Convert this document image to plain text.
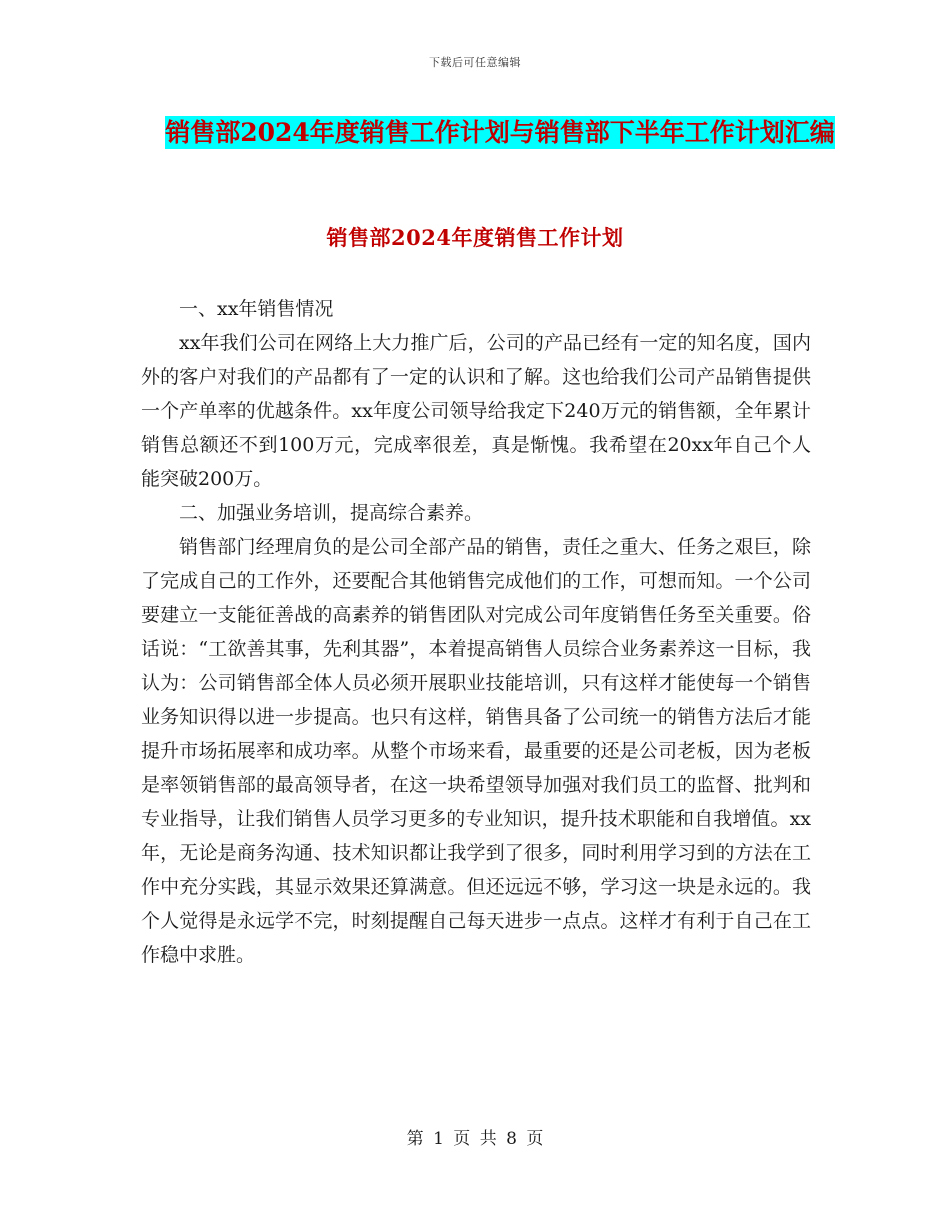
下载后可任意编辑
销售部2024年度销售工作计划与销售部下半年工作计划汇编
销售部2024年度销售工作计划

一、xx年销售情况

xx年我们公司在网络上大力推广后，公司的产品已经有一定的知名度，国内外的客户对我们的产品都有了一定的认识和了解。这也给我们公司产品销售提供一个产单率的优越条件。xx年度公司领导给我定下240万元的销售额，全年累计销售总额还不到100万元，完成率很差，真是惭愧。我希望在20xx年自己个人能突破200万。

二、加强业务培训，提高综合素养。

销售部门经理肩负的是公司全部产品的销售，责任之重大、任务之艰巨，除了完成自己的工作外，还要配合其他销售完成他们的工作，可想而知。一个公司要建立一支能征善战的高素养的销售团队对完成公司年度销售任务至关重要。俗话说：“工欲善其事，先利其器”，本着提高销售人员综合业务素养这一目标，我认为：公司销售部全体人员必须开展职业技能培训，只有这样才能使每一个销售业务知识得以进一步提高。也只有这样，销售具备了公司统一的销售方法后才能提升市场拓展率和成功率。从整个市场来看，最重要的还是公司老板，因为老板是率领销售部的最高领导者，在这一块希望领导加强对我们员工的监督、批判和专业指导，让我们销售人员学习更多的专业知识，提升技术职能和自我增值。xx年，无论是商务沟通、技术知识都让我学到了很多，同时利用学习到的方法在工作中充分实践，其显示效果还算满意。但还远远不够，学习这一块是永远的。我个人觉得是永远学不完，时刻提醒自己每天进步一点点。这样才有利于自己在工作稳中求胜。

第 1 页 共 8 页
